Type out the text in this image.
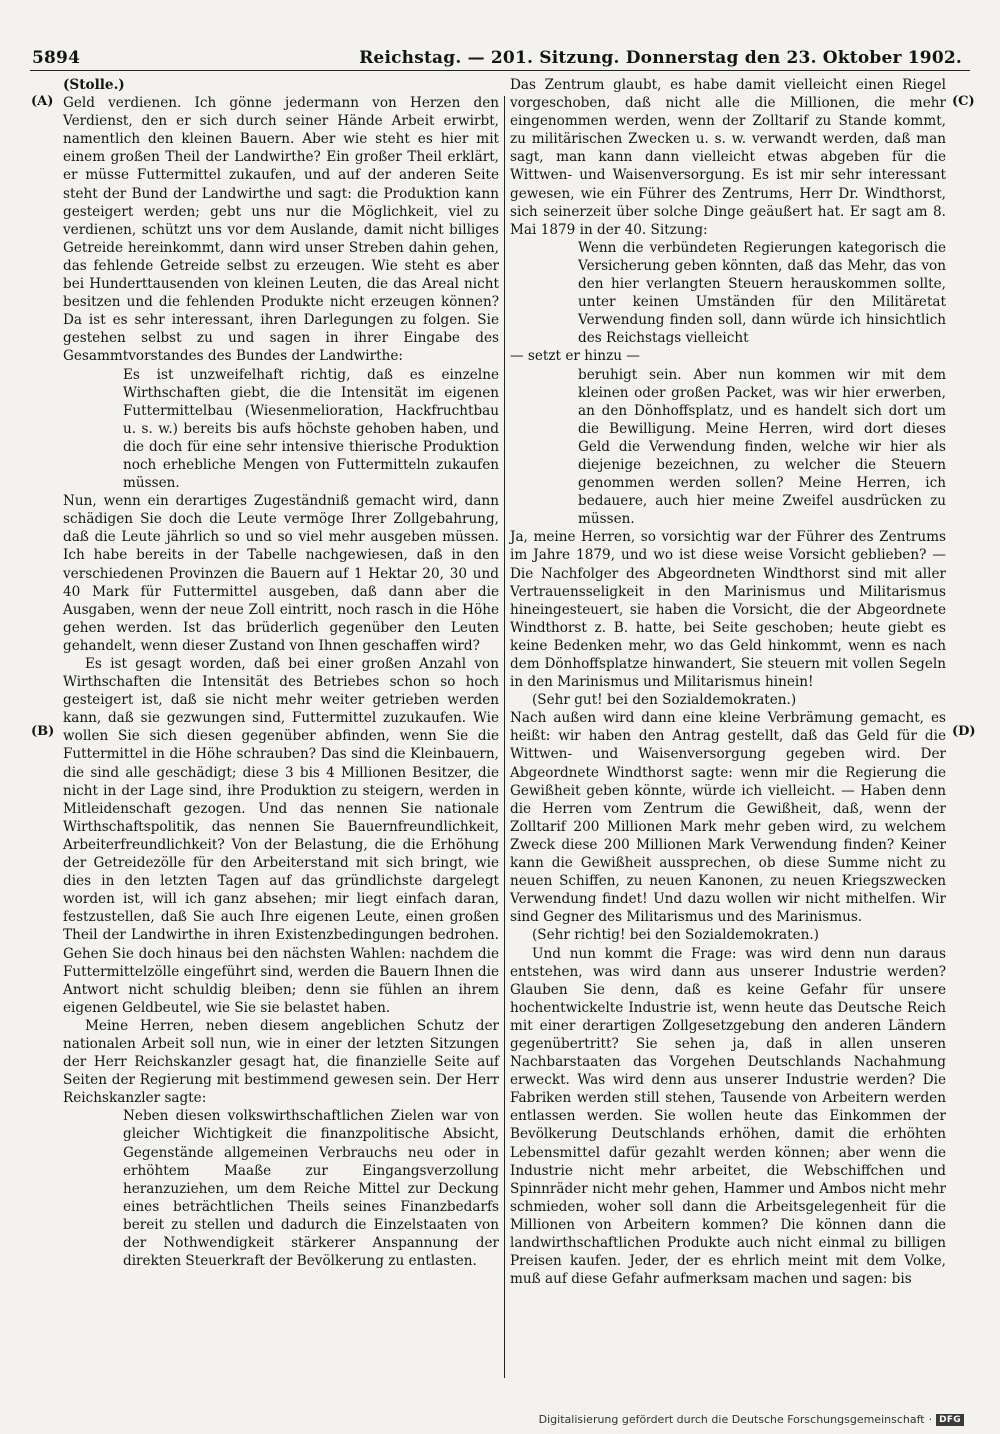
5894	Reichstag. — 201. Sitzung. Donnerstag den 23. Oktober 1902.
(A)
(B)
(C)
(D)

(Stolle.)

Geld verdienen. Ich gönne jedermann von Herzen den Verdienst, den er sich durch seiner Hände Arbeit erwirbt, namentlich den kleinen Bauern. Aber wie steht es hier mit einem großen Theil der Landwirthe? Ein großer Theil erklärt, er müsse Futtermittel zukaufen, und auf der anderen Seite steht der Bund der Landwirthe und sagt: die Produktion kann gesteigert werden; gebt uns nur die Möglichkeit, viel zu verdienen, schützt uns vor dem Auslande, damit nicht billiges Getreide hereinkommt, dann wird unser Streben dahin gehen, das fehlende Getreide selbst zu erzeugen. Wie steht es aber bei Hunderttausenden von kleinen Leuten, die das Areal nicht besitzen und die fehlenden Produkte nicht erzeugen können? Da ist es sehr interessant, ihren Darlegungen zu folgen. Sie gestehen selbst zu und sagen in ihrer Eingabe des Gesammtvorstandes des Bundes der Landwirthe:

Es ist unzweifelhaft richtig, daß es einzelne Wirthschaften giebt, die die Intensität im eigenen Futtermittelbau (Wiesenmelioration, Hackfruchtbau u. s. w.) bereits bis aufs höchste gehoben haben, und die doch für eine sehr intensive thierische Produktion noch erhebliche Mengen von Futtermitteln zukaufen müssen.

Nun, wenn ein derartiges Zugeständniß gemacht wird, dann schädigen Sie doch die Leute vermöge Ihrer Zollgebahrung, daß die Leute jährlich so und so viel mehr ausgeben müssen. Ich habe bereits in der Tabelle nachgewiesen, daß in den verschiedenen Provinzen die Bauern auf 1 Hektar 20, 30 und 40 Mark für Futtermittel ausgeben, daß dann aber die Ausgaben, wenn der neue Zoll eintritt, noch rasch in die Höhe gehen werden. Ist das brüderlich gegenüber den Leuten gehandelt, wenn dieser Zustand von Ihnen geschaffen wird?

Es ist gesagt worden, daß bei einer großen Anzahl von Wirthschaften die Intensität des Betriebes schon so hoch gesteigert ist, daß sie nicht mehr weiter getrieben werden kann, daß sie gezwungen sind, Futtermittel zuzukaufen. Wie wollen Sie sich diesen gegenüber abfinden, wenn Sie die Futtermittel in die Höhe schrauben? Das sind die Kleinbauern, die sind alle geschädigt; diese 3 bis 4 Millionen Besitzer, die nicht in der Lage sind, ihre Produktion zu steigern, werden in Mitleidenschaft gezogen. Und das nennen Sie nationale Wirthschaftspolitik, das nennen Sie Bauernfreundlichkeit, Arbeiterfreundlichkeit? Von der Belastung, die die Erhöhung der Getreidezölle für den Arbeiterstand mit sich bringt, wie dies in den letzten Tagen auf das gründlichste dargelegt worden ist, will ich ganz absehen; mir liegt einfach daran, festzustellen, daß Sie auch Ihre eigenen Leute, einen großen Theil der Landwirthe in ihren Existenzbedingungen bedrohen. Gehen Sie doch hinaus bei den nächsten Wahlen: nachdem die Futtermittelzölle eingeführt sind, werden die Bauern Ihnen die Antwort nicht schuldig bleiben; denn sie fühlen an ihrem eigenen Geldbeutel, wie Sie sie belastet haben.

Meine Herren, neben diesem angeblichen Schutz der nationalen Arbeit soll nun, wie in einer der letzten Sitzungen der Herr Reichskanzler gesagt hat, die finanzielle Seite auf Seiten der Regierung mit bestimmend gewesen sein. Der Herr Reichskanzler sagte:

Neben diesen volkswirthschaftlichen Zielen war von gleicher Wichtigkeit die finanzpolitische Absicht, Gegenstände allgemeinen Verbrauchs neu oder in erhöhtem Maaße zur Eingangsverzollung heranzuziehen, um dem Reiche Mittel zur Deckung eines beträchtlichen Theils seines Finanzbedarfs bereit zu stellen und dadurch die Einzelstaaten von der Nothwendigkeit stärkerer Anspannung der direkten Steuerkraft der Bevölkerung zu entlasten.

Das Zentrum glaubt, es habe damit vielleicht einen Riegel vorgeschoben, daß nicht alle die Millionen, die mehr eingenommen werden, wenn der Zolltarif zu Stande kommt, zu militärischen Zwecken u. s. w. verwandt werden, daß man sagt, man kann dann vielleicht etwas abgeben für die Wittwen- und Waisenversorgung. Es ist mir sehr interessant gewesen, wie ein Führer des Zentrums, Herr Dr. Windthorst, sich seinerzeit über solche Dinge geäußert hat. Er sagt am 8. Mai 1879 in der 40. Sitzung:

Wenn die verbündeten Regierungen kategorisch die Versicherung geben könnten, daß das Mehr, das von den hier verlangten Steuern herauskommen sollte, unter keinen Umständen für den Militäretat Verwendung finden soll, dann würde ich hinsichtlich des Reichstags vielleicht

— setzt er hinzu —

beruhigt sein. Aber nun kommen wir mit dem kleinen oder großen Packet, was wir hier erwerben, an den Dönhoffsplatz, und es handelt sich dort um die Bewilligung. Meine Herren, wird dort dieses Geld die Verwendung finden, welche wir hier als diejenige bezeichnen, zu welcher die Steuern genommen werden sollen? Meine Herren, ich bedauere, auch hier meine Zweifel ausdrücken zu müssen.

Ja, meine Herren, so vorsichtig war der Führer des Zentrums im Jahre 1879, und wo ist diese weise Vorsicht geblieben? — Die Nachfolger des Abgeordneten Windthorst sind mit aller Vertrauensseligkeit in den Marinismus und Militarismus hineingesteuert, sie haben die Vorsicht, die der Abgeordnete Windthorst z. B. hatte, bei Seite geschoben; heute giebt es keine Bedenken mehr, wo das Geld hinkommt, wenn es nach dem Dönhoffsplatze hinwandert, Sie steuern mit vollen Segeln in den Marinismus und Militarismus hinein!

(Sehr gut! bei den Sozialdemokraten.)

Nach außen wird dann eine kleine Verbrämung gemacht, es heißt: wir haben den Antrag gestellt, daß das Geld für die Wittwen- und Waisenversorgung gegeben wird. Der Abgeordnete Windthorst sagte: wenn mir die Regierung die Gewißheit geben könnte, würde ich vielleicht. — Haben denn die Herren vom Zentrum die Gewißheit, daß, wenn der Zolltarif 200 Millionen Mark mehr geben wird, zu welchem Zweck diese 200 Millionen Mark Verwendung finden? Keiner kann die Gewißheit aussprechen, ob diese Summe nicht zu neuen Schiffen, zu neuen Kanonen, zu neuen Kriegszwecken Verwendung findet! Und dazu wollen wir nicht mithelfen. Wir sind Gegner des Militarismus und des Marinismus.

(Sehr richtig! bei den Sozialdemokraten.)

Und nun kommt die Frage: was wird denn nun daraus entstehen, was wird dann aus unserer Industrie werden? Glauben Sie denn, daß es keine Gefahr für unsere hochentwickelte Industrie ist, wenn heute das Deutsche Reich mit einer derartigen Zollgesetzgebung den anderen Ländern gegenübertritt? Sie sehen ja, daß in allen unseren Nachbarstaaten das Vorgehen Deutschlands Nachahmung erweckt. Was wird denn aus unserer Industrie werden? Die Fabriken werden still stehen, Tausende von Arbeitern werden entlassen werden. Sie wollen heute das Einkommen der Bevölkerung Deutschlands erhöhen, damit die erhöhten Lebensmittel dafür gezahlt werden können; aber wenn die Industrie nicht mehr arbeitet, die Webschiffchen und Spinnräder nicht mehr gehen, Hammer und Ambos nicht mehr schmieden, woher soll dann die Arbeitsgelegenheit für die Millionen von Arbeitern kommen? Die können dann die landwirthschaftlichen Produkte auch nicht einmal zu billigen Preisen kaufen. Jeder, der es ehrlich meint mit dem Volke, muß auf diese Gefahr aufmerksam machen und sagen: bis

Digitalisierung gefördert durch die Deutsche Forschungsgemeinschaft · DFG
